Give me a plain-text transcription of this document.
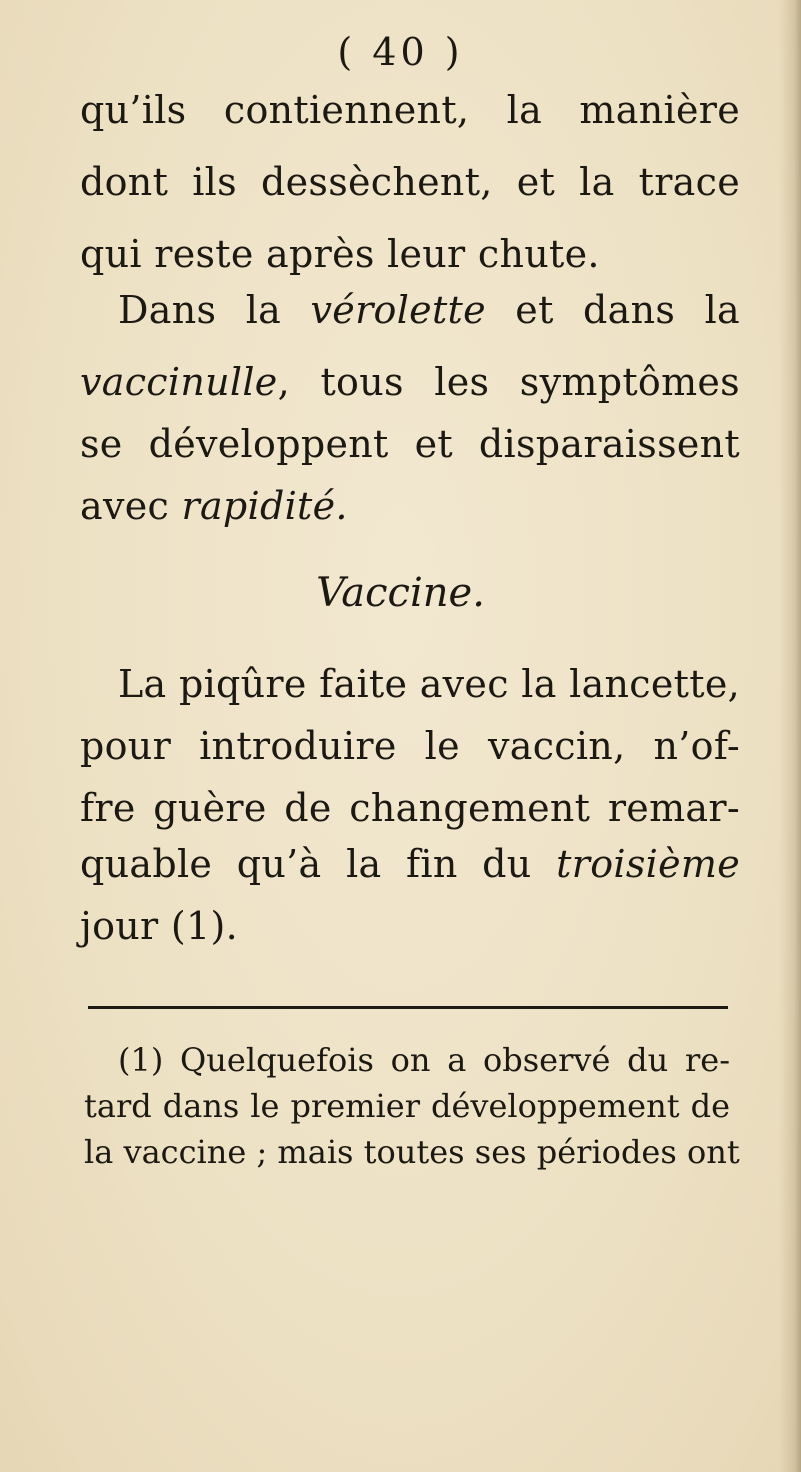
( 40 )
qu’ils contiennent, la manière
dont ils dessèchent, et la trace
qui reste après leur chute.
Dans la vérolette et dans la
vaccinulle, tous les symptômes
se développent et disparaissent
avec rapidité.
Vaccine.
La piqûre faite avec la lancette,
pour introduire le vaccin, n’of-
fre guère de changement remar-
quable qu’à la fin du troisième
jour (1).
(1) Quelquefois on a observé du re-
tard dans le premier développement de
la vaccine ; mais toutes ses périodes ont
